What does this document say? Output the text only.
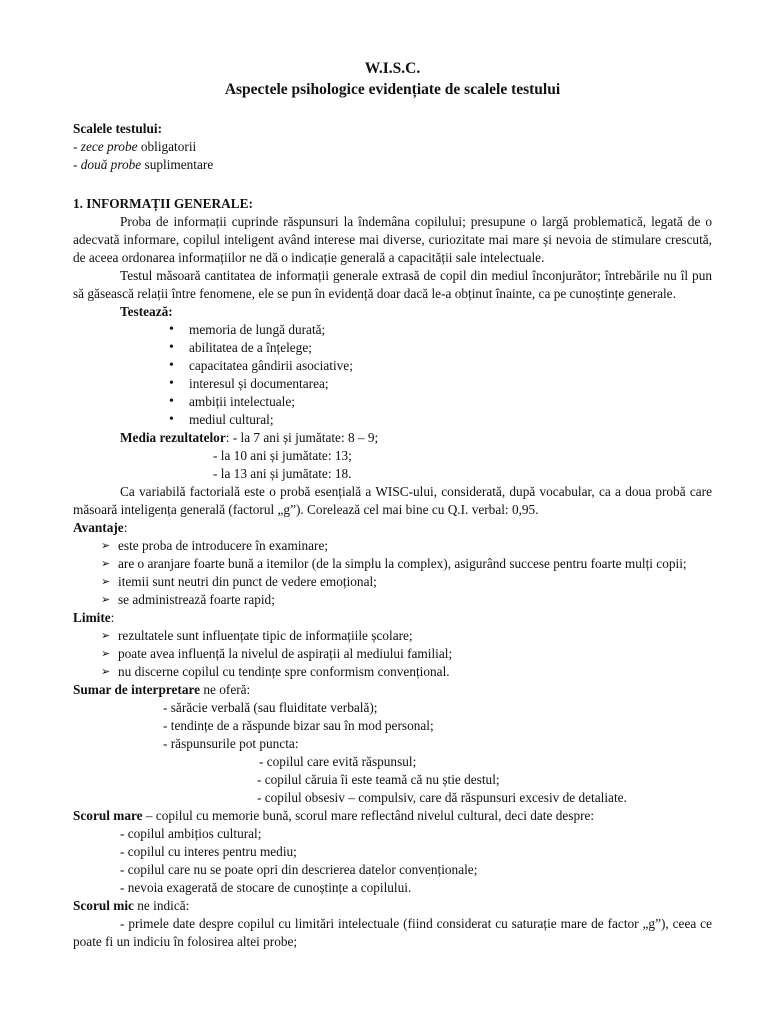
W.I.S.C.
Aspectele psihologice evidențiate de scalele testului

Scalele testului:

- zece probe obligatorii

- două probe suplimentare

1. INFORMAȚII GENERALE:

Proba de informații cuprinde răspunsuri la îndemâna copilului; presupune o largă problematică, legată de o adecvată informare, copilul inteligent având interese mai diverse, curiozitate mai mare și nevoia de stimulare crescută, de aceea ordonarea informațiilor ne dă o indicație generală a capacității sale intelectuale.

Testul măsoară cantitatea de informații generale extrasă de copil din mediul înconjurător; întrebările nu îl pun să găsească relații între fenomene, ele se pun în evidență doar dacă le-a obținut înainte, ca pe cunoștințe generale.

Testează:

• memoria de lungă durată;
• abilitatea de a înțelege;
• capacitatea gândirii asociative;
• interesul și documentarea;
• ambiții intelectuale;
• mediul cultural;

Media rezultatelor: - la 7 ani și jumătate: 8 – 9;

- la 10 ani și jumătate: 13;

- la 13 ani și jumătate: 18.

Ca variabilă factorială este o probă esențială a WISC-ului, considerată, după vocabular, ca a doua probă care măsoară inteligența generală (factorul „g”). Corelează cel mai bine cu Q.I. verbal: 0,95.

Avantaje:

➢ este proba de introducere în examinare;
➢ are o aranjare foarte bună a itemilor (de la simplu la complex), asigurând succese pentru foarte mulți copii;
➢ itemii sunt neutri din punct de vedere emoțional;
➢ se administrează foarte rapid;

Limite:

➢ rezultatele sunt influențate tipic de informațiile școlare;
➢ poate avea influență la nivelul de aspirații al mediului familial;
➢ nu discerne copilul cu tendințe spre conformism convențional.

Sumar de interpretare ne oferă:

- sărăcie verbală (sau fluiditate verbală);

- tendințe de a răspunde bizar sau în mod personal;

- răspunsurile pot puncta:

- copilul care evită răspunsul;

- copilul căruia îi este teamă că nu știe destul;

- copilul obsesiv – compulsiv, care dă răspunsuri excesiv de detaliate.

Scorul mare – copilul cu memorie bună, scorul mare reflectând nivelul cultural, deci date despre:

- copilul ambițios cultural;

- copilul cu interes pentru mediu;

- copilul care nu se poate opri din descrierea datelor convenționale;

- nevoia exagerată de stocare de cunoștințe a copilului.

Scorul mic ne indică:

- primele date despre copilul cu limitări intelectuale (fiind considerat cu saturație mare de factor „g”), ceea ce poate fi un indiciu în folosirea altei probe;
